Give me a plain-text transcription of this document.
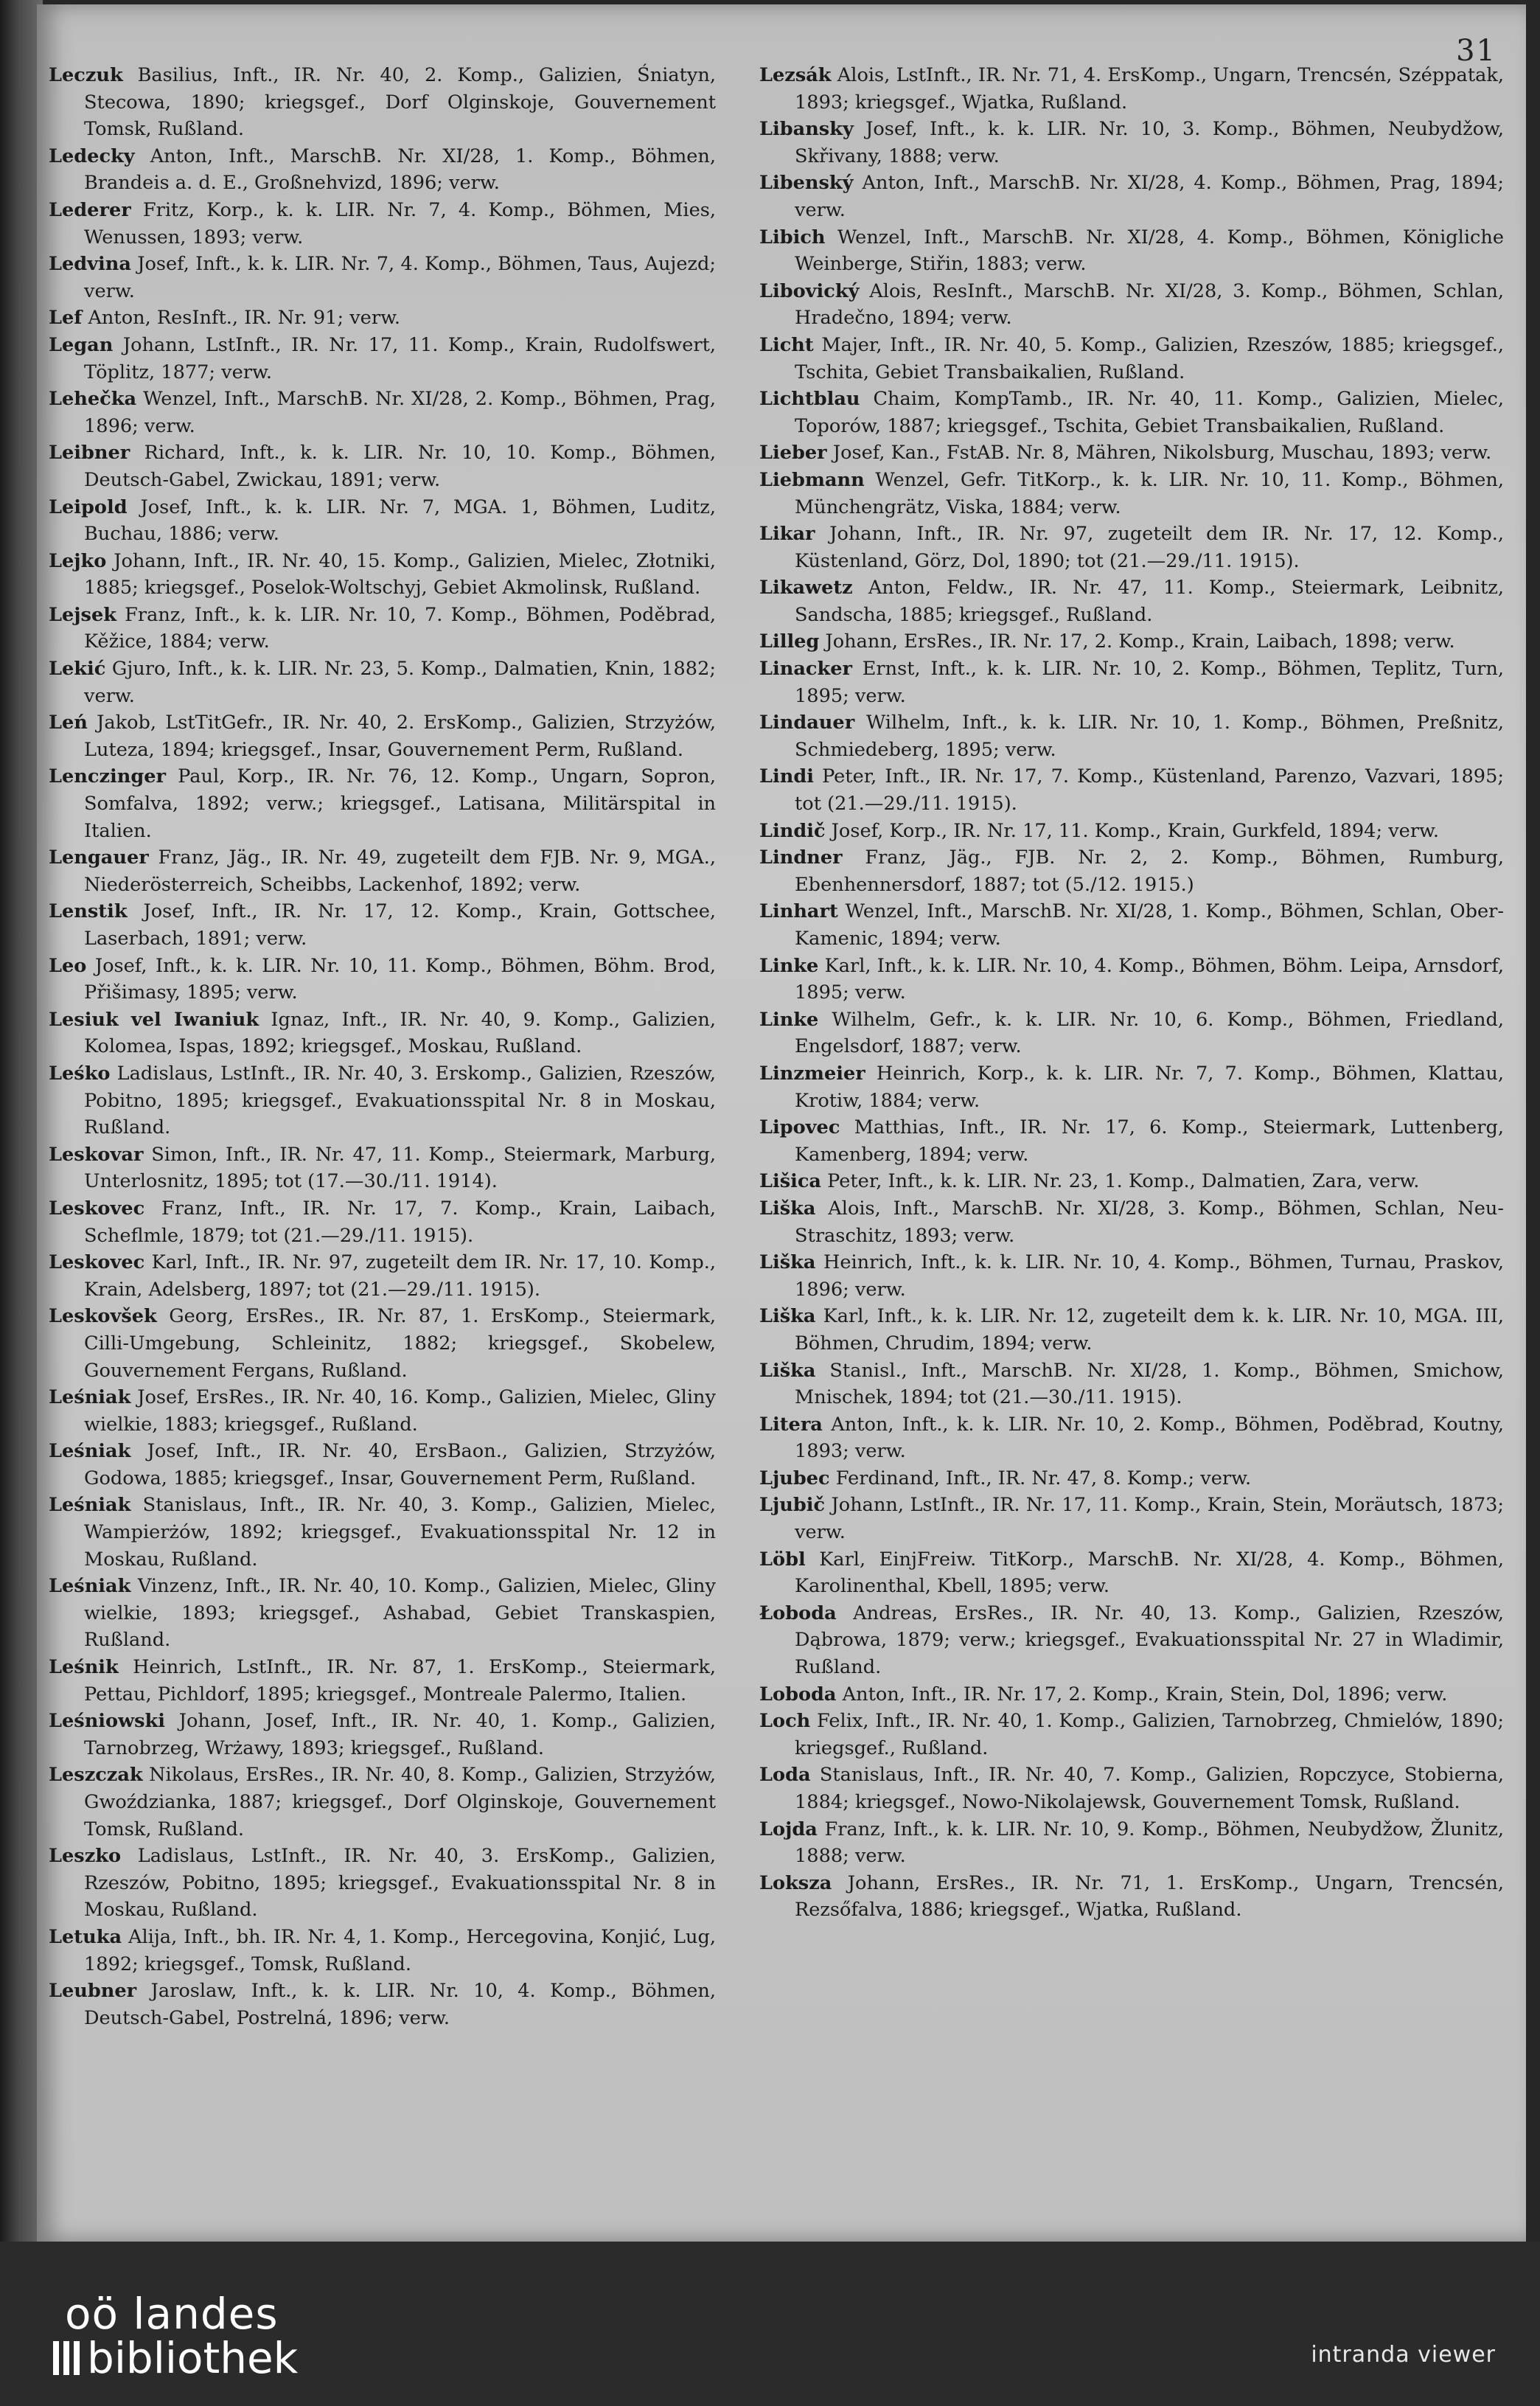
31
Leczuk Basilius, Inft., IR. Nr. 40, 2. Komp., Galizien, Śniatyn, Stecowa, 1890; kriegsgef., Dorf Olginskoje, Gouvernement Tomsk, Rußland.
Ledecky Anton, Inft., MarschB. Nr. XI/28, 1. Komp., Böhmen, Brandeis a. d. E., Großnehvizd, 1896; verw.
Lederer Fritz, Korp., k. k. LIR. Nr. 7, 4. Komp., Böhmen, Mies, Wenussen, 1893; verw.
Ledvina Josef, Inft., k. k. LIR. Nr. 7, 4. Komp., Böhmen, Taus, Aujezd; verw.
Lef Anton, ResInft., IR. Nr. 91; verw.
Legan Johann, LstInft., IR. Nr. 17, 11. Komp., Krain, Rudolfswert, Töplitz, 1877; verw.
Lehečka Wenzel, Inft., MarschB. Nr. XI/28, 2. Komp., Böhmen, Prag, 1896; verw.
Leibner Richard, Inft., k. k. LIR. Nr. 10, 10. Komp., Böhmen, Deutsch-Gabel, Zwickau, 1891; verw.
Leipold Josef, Inft., k. k. LIR. Nr. 7, MGA. 1, Böhmen, Luditz, Buchau, 1886; verw.
Lejko Johann, Inft., IR. Nr. 40, 15. Komp., Galizien, Mielec, Złotniki, 1885; kriegsgef., Poselok-Woltschyj, Gebiet Akmolinsk, Rußland.
Lejsek Franz, Inft., k. k. LIR. Nr. 10, 7. Komp., Böhmen, Poděbrad, Kěžice, 1884; verw.
Lekić Gjuro, Inft., k. k. LIR. Nr. 23, 5. Komp., Dalmatien, Knin, 1882; verw.
Leń Jakob, LstTitGefr., IR. Nr. 40, 2. ErsKomp., Galizien, Strzyżów, Luteza, 1894; kriegsgef., Insar, Gouvernement Perm, Rußland.
Lenczinger Paul, Korp., IR. Nr. 76, 12. Komp., Ungarn, Sopron, Somfalva, 1892; verw.; kriegsgef., Latisana, Militärspital in Italien.
Lengauer Franz, Jäg., IR. Nr. 49, zugeteilt dem FJB. Nr. 9, MGA., Niederösterreich, Scheibbs, Lackenhof, 1892; verw.
Lenstik Josef, Inft., IR. Nr. 17, 12. Komp., Krain, Gottschee, Laserbach, 1891; verw.
Leo Josef, Inft., k. k. LIR. Nr. 10, 11. Komp., Böhmen, Böhm. Brod, Přišimasy, 1895; verw.
Lesiuk vel Iwaniuk Ignaz, Inft., IR. Nr. 40, 9. Komp., Galizien, Kolomea, Ispas, 1892; kriegsgef., Moskau, Rußland.
Leśko Ladislaus, LstInft., IR. Nr. 40, 3. Erskomp., Galizien, Rzeszów, Pobitno, 1895; kriegsgef., Evakuationsspital Nr. 8 in Moskau, Rußland.
Leskovar Simon, Inft., IR. Nr. 47, 11. Komp., Steiermark, Marburg, Unterlosnitz, 1895; tot (17.—30./11. 1914).
Leskovec Franz, Inft., IR. Nr. 17, 7. Komp., Krain, Laibach, Scheflmle, 1879; tot (21.—29./11. 1915).
Leskovec Karl, Inft., IR. Nr. 97, zugeteilt dem IR. Nr. 17, 10. Komp., Krain, Adelsberg, 1897; tot (21.—29./11. 1915).
Leskovšek Georg, ErsRes., IR. Nr. 87, 1. ErsKomp., Steiermark, Cilli-Umgebung, Schleinitz, 1882; kriegsgef., Skobelew, Gouvernement Fergans, Rußland.
Leśniak Josef, ErsRes., IR. Nr. 40, 16. Komp., Galizien, Mielec, Gliny wielkie, 1883; kriegsgef., Rußland.
Leśniak Josef, Inft., IR. Nr. 40, ErsBaon., Galizien, Strzyżów, Godowa, 1885; kriegsgef., Insar, Gouvernement Perm, Rußland.
Leśniak Stanislaus, Inft., IR. Nr. 40, 3. Komp., Galizien, Mielec, Wampierżów, 1892; kriegsgef., Evakuationsspital Nr. 12 in Moskau, Rußland.
Leśniak Vinzenz, Inft., IR. Nr. 40, 10. Komp., Galizien, Mielec, Gliny wielkie, 1893; kriegsgef., Ashabad, Gebiet Transkaspien, Rußland.
Leśnik Heinrich, LstInft., IR. Nr. 87, 1. ErsKomp., Steiermark, Pettau, Pichldorf, 1895; kriegsgef., Montreale Palermo, Italien.
Leśniowski Johann, Josef, Inft., IR. Nr. 40, 1. Komp., Galizien, Tarnobrzeg, Wrżawy, 1893; kriegsgef., Rußland.
Leszczak Nikolaus, ErsRes., IR. Nr. 40, 8. Komp., Galizien, Strzyżów, Gwoździanka, 1887; kriegsgef., Dorf Olginskoje, Gouvernement Tomsk, Rußland.
Leszko Ladislaus, LstInft., IR. Nr. 40, 3. ErsKomp., Galizien, Rzeszów, Pobitno, 1895; kriegsgef., Evakuationsspital Nr. 8 in Moskau, Rußland.
Letuka Alija, Inft., bh. IR. Nr. 4, 1. Komp., Hercegovina, Konjić, Lug, 1892; kriegsgef., Tomsk, Rußland.
Leubner Jaroslaw, Inft., k. k. LIR. Nr. 10, 4. Komp., Böhmen, Deutsch-Gabel, Postrelná, 1896; verw.
Lezsák Alois, LstInft., IR. Nr. 71, 4. ErsKomp., Ungarn, Trencsén, Széppatak, 1893; kriegsgef., Wjatka, Rußland.
Libansky Josef, Inft., k. k. LIR. Nr. 10, 3. Komp., Böhmen, Neubydžow, Skřivany, 1888; verw.
Libenský Anton, Inft., MarschB. Nr. XI/28, 4. Komp., Böhmen, Prag, 1894; verw.
Libich Wenzel, Inft., MarschB. Nr. XI/28, 4. Komp., Böhmen, Königliche Weinberge, Stiřin, 1883; verw.
Libovický Alois, ResInft., MarschB. Nr. XI/28, 3. Komp., Böhmen, Schlan, Hradečno, 1894; verw.
Licht Majer, Inft., IR. Nr. 40, 5. Komp., Galizien, Rzeszów, 1885; kriegsgef., Tschita, Gebiet Transbaikalien, Rußland.
Lichtblau Chaim, KompTamb., IR. Nr. 40, 11. Komp., Galizien, Mielec, Toporów, 1887; kriegsgef., Tschita, Gebiet Transbaikalien, Rußland.
Lieber Josef, Kan., FstAB. Nr. 8, Mähren, Nikolsburg, Muschau, 1893; verw.
Liebmann Wenzel, Gefr. TitKorp., k. k. LIR. Nr. 10, 11. Komp., Böhmen, Münchengrätz, Viska, 1884; verw.
Likar Johann, Inft., IR. Nr. 97, zugeteilt dem IR. Nr. 17, 12. Komp., Küstenland, Görz, Dol, 1890; tot (21.—29./11. 1915).
Likawetz Anton, Feldw., IR. Nr. 47, 11. Komp., Steiermark, Leibnitz, Sandscha, 1885; kriegsgef., Rußland.
Lilleg Johann, ErsRes., IR. Nr. 17, 2. Komp., Krain, Laibach, 1898; verw.
Linacker Ernst, Inft., k. k. LIR. Nr. 10, 2. Komp., Böhmen, Teplitz, Turn, 1895; verw.
Lindauer Wilhelm, Inft., k. k. LIR. Nr. 10, 1. Komp., Böhmen, Preßnitz, Schmiedeberg, 1895; verw.
Lindi Peter, Inft., IR. Nr. 17, 7. Komp., Küstenland, Parenzo, Vazvari, 1895; tot (21.—29./11. 1915).
Lindič Josef, Korp., IR. Nr. 17, 11. Komp., Krain, Gurkfeld, 1894; verw.
Lindner Franz, Jäg., FJB. Nr. 2, 2. Komp., Böhmen, Rumburg, Ebenhennersdorf, 1887; tot (5./12. 1915.)
Linhart Wenzel, Inft., MarschB. Nr. XI/28, 1. Komp., Böhmen, Schlan, Ober-Kamenic, 1894; verw.
Linke Karl, Inft., k. k. LIR. Nr. 10, 4. Komp., Böhmen, Böhm. Leipa, Arnsdorf, 1895; verw.
Linke Wilhelm, Gefr., k. k. LIR. Nr. 10, 6. Komp., Böhmen, Friedland, Engelsdorf, 1887; verw.
Linzmeier Heinrich, Korp., k. k. LIR. Nr. 7, 7. Komp., Böhmen, Klattau, Krotiw, 1884; verw.
Lipovec Matthias, Inft., IR. Nr. 17, 6. Komp., Steiermark, Luttenberg, Kamenberg, 1894; verw.
Lišica Peter, Inft., k. k. LIR. Nr. 23, 1. Komp., Dalmatien, Zara, verw.
Liška Alois, Inft., MarschB. Nr. XI/28, 3. Komp., Böhmen, Schlan, Neu-Straschitz, 1893; verw.
Liška Heinrich, Inft., k. k. LIR. Nr. 10, 4. Komp., Böhmen, Turnau, Praskov, 1896; verw.
Liška Karl, Inft., k. k. LIR. Nr. 12, zugeteilt dem k. k. LIR. Nr. 10, MGA. III, Böhmen, Chrudim, 1894; verw.
Liška Stanisl., Inft., MarschB. Nr. XI/28, 1. Komp., Böhmen, Smichow, Mnischek, 1894; tot (21.—30./11. 1915).
Litera Anton, Inft., k. k. LIR. Nr. 10, 2. Komp., Böhmen, Poděbrad, Koutny, 1893; verw.
Ljubec Ferdinand, Inft., IR. Nr. 47, 8. Komp.; verw.
Ljubič Johann, LstInft., IR. Nr. 17, 11. Komp., Krain, Stein, Moräutsch, 1873; verw.
Löbl Karl, EinjFreiw. TitKorp., MarschB. Nr. XI/28, 4. Komp., Böhmen, Karolinenthal, Kbell, 1895; verw.
Łoboda Andreas, ErsRes., IR. Nr. 40, 13. Komp., Galizien, Rzeszów, Dąbrowa, 1879; verw.; kriegsgef., Evakuationsspital Nr. 27 in Wladimir, Rußland.
Loboda Anton, Inft., IR. Nr. 17, 2. Komp., Krain, Stein, Dol, 1896; verw.
Loch Felix, Inft., IR. Nr. 40, 1. Komp., Galizien, Tarnobrzeg, Chmielów, 1890; kriegsgef., Rußland.
Loda Stanislaus, Inft., IR. Nr. 40, 7. Komp., Galizien, Ropczyce, Stobierna, 1884; kriegsgef., Nowo-Nikolajewsk, Gouvernement Tomsk, Rußland.
Lojda Franz, Inft., k. k. LIR. Nr. 10, 9. Komp., Böhmen, Neubydžow, Žlunitz, 1888; verw.
Loksza Johann, ErsRes., IR. Nr. 71, 1. ErsKomp., Ungarn, Trencsén, Rezsőfalva, 1886; kriegsgef., Wjatka, Rußland.
oö landes
bibliothek	intranda viewer
